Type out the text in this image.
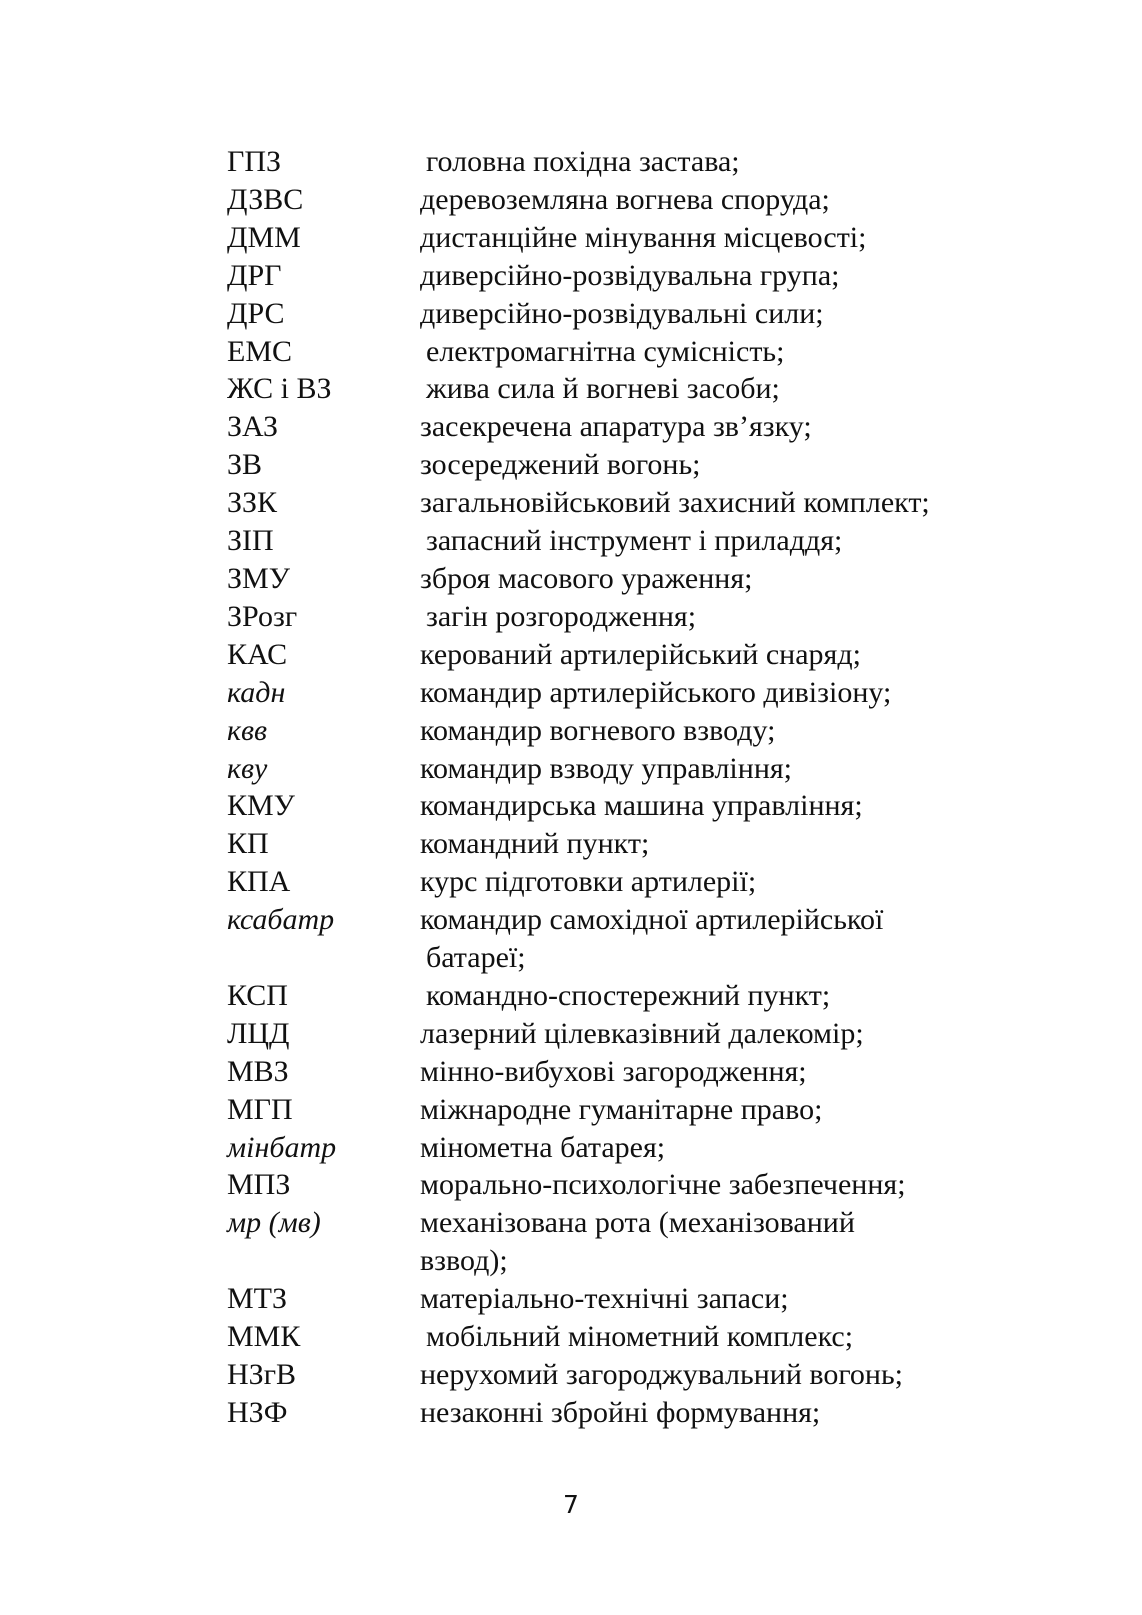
ГПЗ	головна похідна застава;
ДЗВС	деревоземляна вогнева споруда;
ДММ	дистанційне мінування місцевості;
ДРГ	диверсійно-розвідувальна група;
ДРС	диверсійно-розвідувальні сили;
ЕМС	електромагнітна сумісність;
ЖС і ВЗ	жива сила й вогневі засоби;
ЗАЗ	засекречена апаратура зв’язку;
ЗВ	зосереджений вогонь;
ЗЗК	загальновійськовий захисний комплект;
ЗІП	запасний інструмент і приладдя;
ЗМУ	зброя масового ураження;
ЗРозг	загін розгородження;
КАС	керований артилерійський снаряд;
кадн	командир артилерійського дивізіону;
квв	командир вогневого взводу;
кву	командир взводу управління;
КМУ	командирська машина управління;
КП	командний пункт;
КПА	курс підготовки артилерії;
ксабатр	командир самохідної артилерійської
батареї;
КСП	командно-спостережний пункт;
ЛЦД	лазерний цілевказівний далекомір;
МВЗ	мінно-вибухові загородження;
МГП	міжнародне гуманітарне право;
мінбатр	мінометна батарея;
МПЗ	морально-психологічне забезпечення;
мр (мв)	механізована рота (механізований
взвод);
МТЗ	матеріально-технічні запаси;
ММК	мобільний мінометний комплекс;
НЗгВ	нерухомий загороджувальний вогонь;
НЗФ	незаконні збройні формування;
7
